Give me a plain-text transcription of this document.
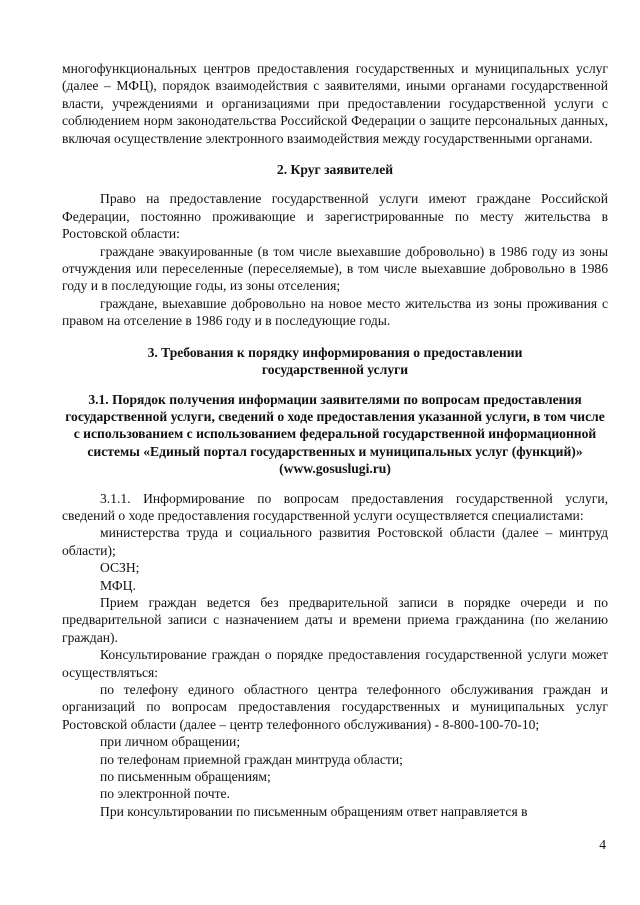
многофункциональных центров предоставления государственных и муниципальных услуг (далее – МФЦ), порядок взаимодействия с заявителями, иными органами государственной власти, учреждениями и организациями при предоставлении государственной услуги с соблюдением норм законодательства Российской Федерации о защите персональных данных, включая осуществление электронного взаимодействия между государственными органами.

2. Круг заявителей

Право на предоставление государственной услуги имеют граждане Российской Федерации, постоянно проживающие и зарегистрированные по месту жительства в Ростовской области:

граждане эвакуированные (в том числе выехавшие добровольно) в 1986 году из зоны отчуждения или переселенные (переселяемые), в том числе выехавшие добровольно в 1986 году и в последующие годы, из зоны отселения;

граждане, выехавшие добровольно на новое место жительства из зоны проживания с правом на отселение в 1986 году и в последующие годы.

3. Требования к порядку информирования о предоставлении
государственной услуги
3.1. Порядок получения информации заявителями по вопросам предоставления государственной услуги, сведений о ходе предоставления указанной услуги, в том числе с использованием с использованием федеральной государственной информационной системы «Единый портал государственных и муниципальных услуг (функций)» (www.gosuslugi.ru)

3.1.1. Информирование по вопросам предоставления государственной услуги, сведений о ходе предоставления государственной услуги осуществляется специалистами:

министерства труда и социального развития Ростовской области (далее – минтруд области);

ОСЗН;

МФЦ.

Прием граждан ведется без предварительной записи в порядке очереди и по предварительной записи с назначением даты и времени приема гражданина (по желанию граждан).

Консультирование граждан о порядке предоставления государственной услуги может осуществляться:

по телефону единого областного центра телефонного обслуживания граждан и организаций по вопросам предоставления государственных и муниципальных услуг Ростовской области (далее – центр телефонного обслуживания) - 8-800-100-70-10;

при личном обращении;

по телефонам приемной граждан минтруда области;

по письменным обращениям;

по электронной почте.

При консультировании по письменным обращениям ответ направляется в

4
